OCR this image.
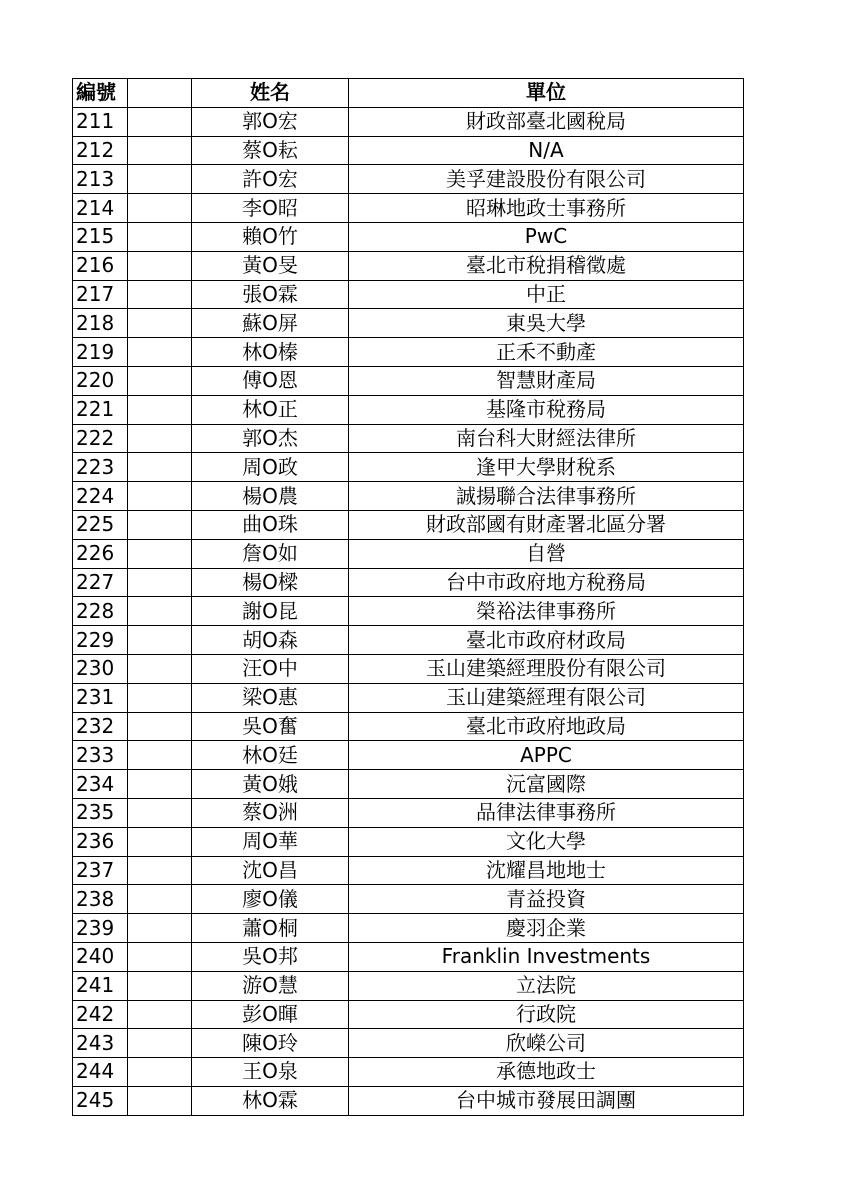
編號		姓名	單位
211		郭O宏	財政部臺北國稅局
212		蔡O耘	N/A
213		許O宏	美孚建設股份有限公司
214		李O昭	昭琳地政士事務所
215		賴O竹	PwC
216		黃O旻	臺北市稅捐稽徵處
217		張O霖	中正
218		蘇O屏	東吳大學
219		林O榛	正禾不動產
220		傅O恩	智慧財產局
221		林O正	基隆市稅務局
222		郭O杰	南台科大財經法律所
223		周O政	逢甲大學財稅系
224		楊O農	誠揚聯合法律事務所
225		曲O珠	財政部國有財產署北區分署
226		詹O如	自營
227		楊O樑	台中市政府地方稅務局
228		謝O昆	榮裕法律事務所
229		胡O森	臺北市政府材政局
230		汪O中	玉山建築經理股份有限公司
231		梁O惠	玉山建築經理有限公司
232		吳O奮	臺北市政府地政局
233		林O廷	APPC
234		黃O娥	沅富國際
235		蔡O洲	品律法律事務所
236		周O華	文化大學
237		沈O昌	沈耀昌地地士
238		廖O儀	青益投資
239		蕭O桐	慶羽企業
240		吳O邦	Franklin Investments
241		游O慧	立法院
242		彭O暉	行政院
243		陳O玲	欣嶸公司
244		王O泉	承德地政士
245		林O霖	台中城市發展田調團
